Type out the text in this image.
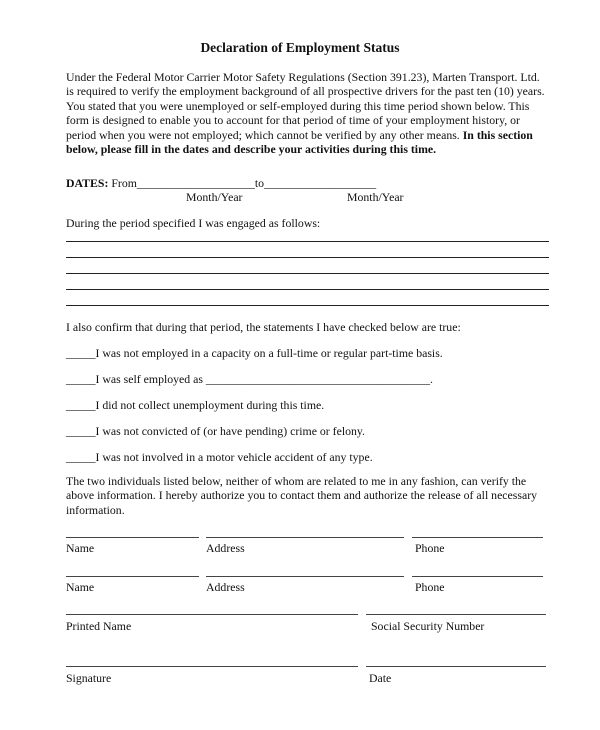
Declaration of Employment Status

Under the Federal Motor Carrier Motor Safety Regulations (Section 391.23), Marten Transport. Ltd. is required to verify the employment background of all prospective drivers for the past ten (10) years. You stated that you were unemployed or self-employed during this time period shown below. This form is designed to enable you to account for that period of time of your employment history, or period when you were not employed; which cannot be verified by any other means. In this section below, please fill in the dates and describe your activities during this time.

DATES: From____________________to___________________
Month/Year	Month/Year
During the period specified I was engaged as follows:
I also confirm that during that period, the statements I have checked below are true:
_____I was not employed in a capacity on a full-time or regular part-time basis.
_____I was self employed as ______________________________________.
_____I did not collect unemployment during this time.
_____I was not convicted of (or have pending) crime or felony.
_____I was not involved in a motor vehicle accident of any type.

The two individuals listed below, neither of whom are related to me in any fashion, can verify the above information. I hereby authorize you to contact them and authorize the release of all necessary information.

Name	Address	Phone
Name	Address	Phone
Printed Name	Social Security Number
Signature	Date
